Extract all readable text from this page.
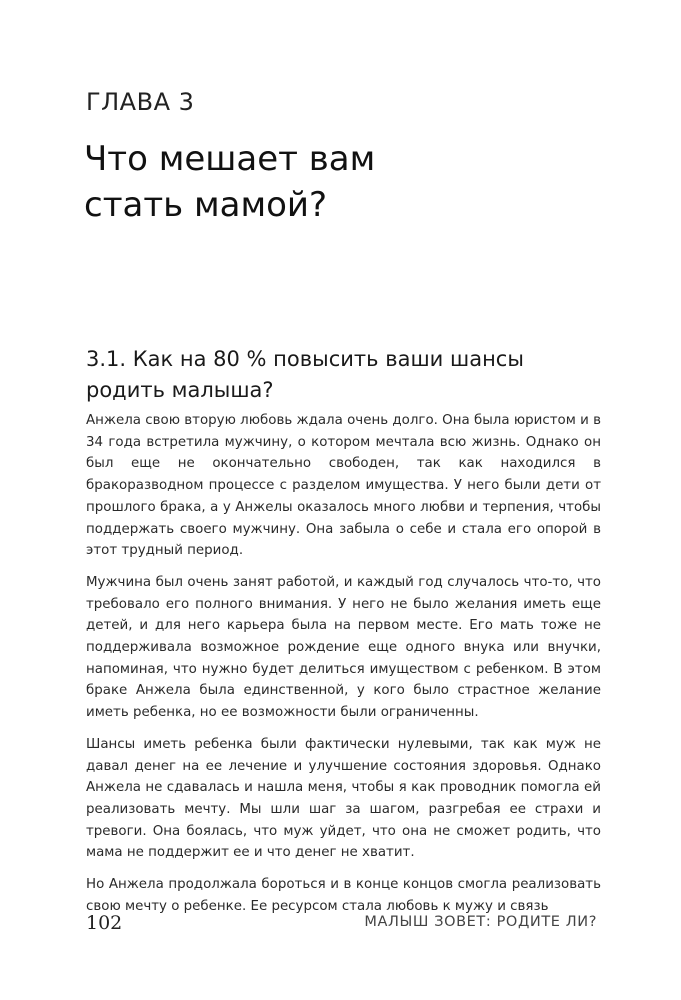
ГЛАВА 3
Что мешает вам
стать мамой?
3.1. Как на 80 % повысить ваши шансы
родить малыша?

Анжела свою вторую любовь ждала очень долго. Она была юристом и в 34 года встретила мужчину, о котором мечтала всю жизнь. Однако он был еще не окончательно свободен, так как находился в бракоразводном процессе с разделом имущества. У него были дети от прошлого брака, а у Анжелы оказалось много любви и терпения, чтобы поддержать своего мужчину. Она забыла о себе и стала его опорой в этот трудный период.

Мужчина был очень занят работой, и каждый год случалось что-то, что требовало его полного внимания. У него не было желания иметь еще детей, и для него карьера была на первом месте. Его мать тоже не поддерживала возможное рождение еще одного внука или внучки, напоминая, что нужно будет делиться имуществом с ребенком. В этом браке Анжела была единственной, у кого было страстное желание иметь ребенка, но ее возможности были ограниченны.

Шансы иметь ребенка были фактически нулевыми, так как муж не давал денег на ее лечение и улучшение состояния здоровья. Однако Анжела не сдавалась и нашла меня, чтобы я как проводник помогла ей реализовать мечту. Мы шли шаг за шагом, разгребая ее страхи и тревоги. Она боялась, что муж уйдет, что она не сможет родить, что мама не поддержит ее и что денег не хватит.

Но Анжела продолжала бороться и в конце концов смогла реализовать свою мечту о ребенке. Ее ресурсом стала любовь к мужу и связь

102	МАЛЫШ ЗОВЕТ: РОДИТЕ ЛИ?
